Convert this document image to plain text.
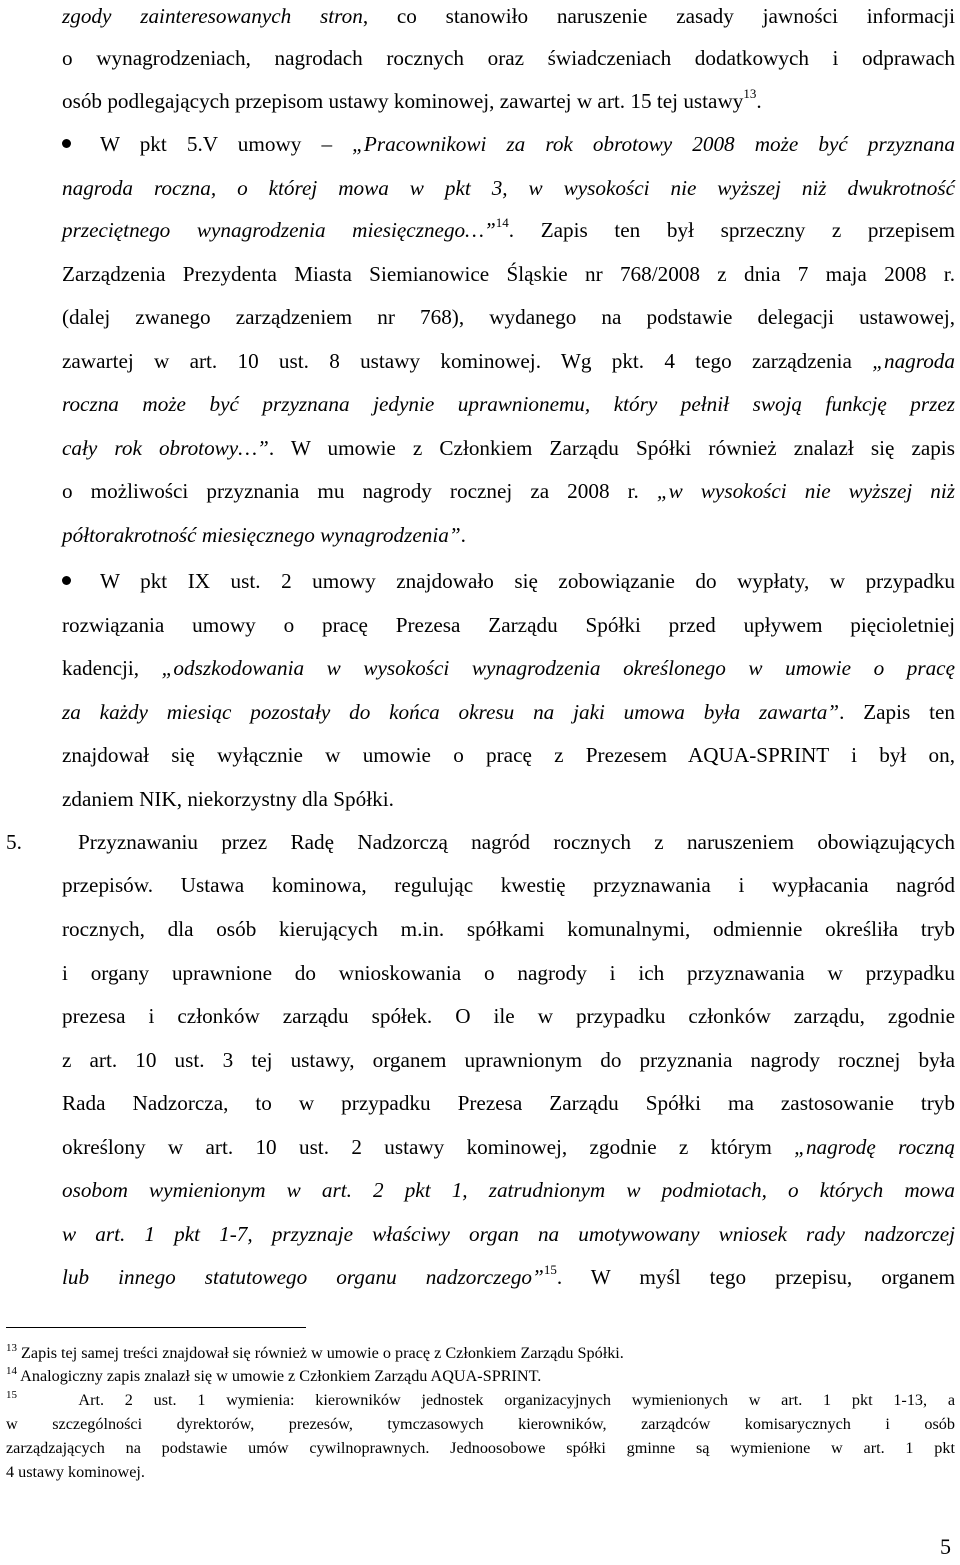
zgody zainteresowanych stron, co stanowiło naruszenie zasady jawności informacji
o wynagrodzeniach, nagrodach rocznych oraz świadczeniach dodatkowych i odprawach
osób podlegających przepisom ustawy kominowej, zawartej w art. 15 tej ustawy$^{13}$.
W pkt 5.V umowy – „Pracownikowi za rok obrotowy 2008 może być przyznana
nagroda roczna, o której mowa w pkt 3, w wysokości nie wyższej niż dwukrotność
przeciętnego wynagrodzenia miesięcznego…”$^{14}$. Zapis ten był sprzeczny z przepisem
Zarządzenia Prezydenta Miasta Siemianowice Śląskie nr 768/2008 z dnia 7 maja 2008 r.
(dalej zwanego zarządzeniem nr 768), wydanego na podstawie delegacji ustawowej,
zawartej w art. 10 ust. 8 ustawy kominowej. Wg pkt. 4 tego zarządzenia „nagroda
roczna może być przyznana jedynie uprawnionemu, który pełnił swoją funkcję przez
cały rok obrotowy…”. W umowie z Członkiem Zarządu Spółki również znalazł się zapis
o możliwości przyznania mu nagrody rocznej za 2008 r. „w wysokości nie wyższej niż
półtorakrotność miesięcznego wynagrodzenia”.
W pkt IX ust. 2 umowy znajdowało się zobowiązanie do wypłaty, w przypadku
rozwiązania umowy o pracę Prezesa Zarządu Spółki przed upływem pięcioletniej
kadencji, „odszkodowania w wysokości wynagrodzenia określonego w umowie o pracę
za każdy miesiąc pozostały do końca okresu na jaki umowa była zawarta”. Zapis ten
znajdował się wyłącznie w umowie o pracę z Prezesem AQUA-SPRINT i był on,
zdaniem NIK, niekorzystny dla Spółki.
5.	Przyznawaniu przez Radę Nadzorczą nagród rocznych z naruszeniem obowiązujących
przepisów. Ustawa kominowa, regulując kwestię przyznawania i wypłacania nagród
rocznych, dla osób kierujących m.in. spółkami komunalnymi, odmiennie określiła tryb
i organy uprawnione do wnioskowania o nagrody i ich przyznawania w przypadku
prezesa i członków zarządu spółek. O ile w przypadku członków zarządu, zgodnie
z art. 10 ust. 3 tej ustawy, organem uprawnionym do przyznania nagrody rocznej była
Rada Nadzorcza, to w przypadku Prezesa Zarządu Spółki ma zastosowanie tryb
określony w art. 10 ust. 2 ustawy kominowej, zgodnie z którym „nagrodę roczną
osobom wymienionym w art. 2 pkt 1, zatrudnionym w podmiotach, o których mowa
w art. 1 pkt 1-7, przyznaje właściwy organ na umotywowany wniosek rady nadzorczej
lub innego statutowego organu nadzorczego”$^{15}$. W myśl tego przepisu, organem
$^{13}$ Zapis tej samej treści znajdował się również w umowie o pracę z Członkiem Zarządu Spółki.
$^{14}$ Analogiczny zapis znalazł się w umowie z Członkiem Zarządu AQUA-SPRINT.
$^{15}$	Art. 2 ust. 1 wymienia: kierowników jednostek organizacyjnych wymienionych w art. 1 pkt 1-13, a
w szczególności dyrektorów, prezesów, tymczasowych kierowników, zarządców komisarycznych i osób
zarządzających na podstawie umów cywilnoprawnych. Jednoosobowe spółki gminne są wymienione w art. 1 pkt
4 ustawy kominowej.
5
